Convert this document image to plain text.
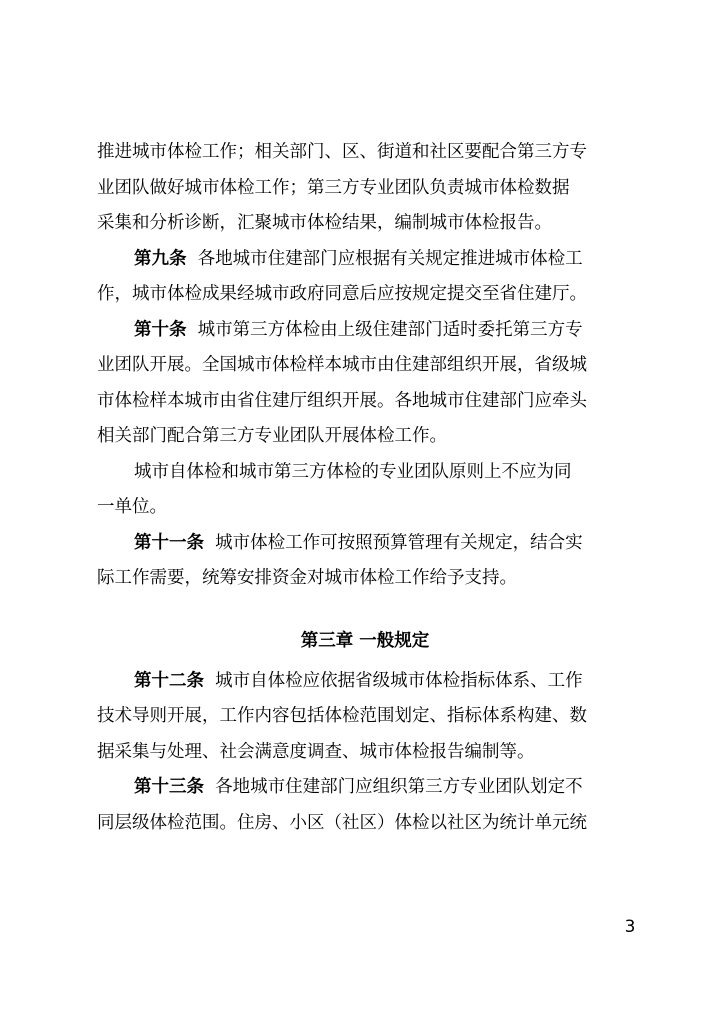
推进城市体检工作；相关部门、区、街道和社区要配合第三方专
业团队做好城市体检工作；第三方专业团队负责城市体检数据
采集和分析诊断，汇聚城市体检结果，编制城市体检报告。

第九条 各地城市住建部门应根据有关规定推进城市体检工
作，城市体检成果经城市政府同意后应按规定提交至省住建厅。

第十条 城市第三方体检由上级住建部门适时委托第三方专
业团队开展。全国城市体检样本城市由住建部组织开展，省级城
市体检样本城市由省住建厅组织开展。各地城市住建部门应牵头
相关部门配合第三方专业团队开展体检工作。

城市自体检和城市第三方体检的专业团队原则上不应为同
一单位。

第十一条 城市体检工作可按照预算管理有关规定，结合实
际工作需要，统筹安排资金对城市体检工作给予支持。

第三章 一般规定

第十二条 城市自体检应依据省级城市体检指标体系、工作
技术导则开展，工作内容包括体检范围划定、指标体系构建、数
据采集与处理、社会满意度调查、城市体检报告编制等。

第十三条 各地城市住建部门应组织第三方专业团队划定不
同层级体检范围。住房、小区（社区）体检以社区为统计单元统

3
